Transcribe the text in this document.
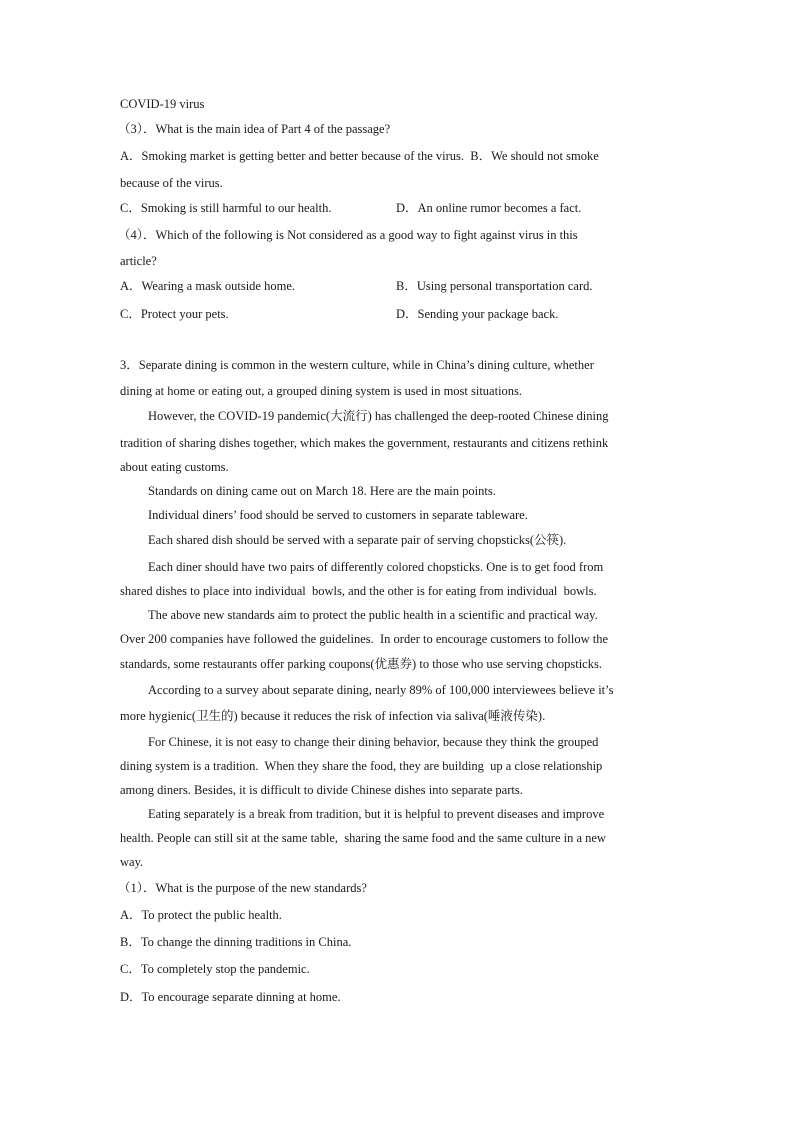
COVID-19 virus
（3）．What is the main idea of Part 4 of the passage?
A．Smoking market is getting better and better because of the virus.  B．We should not smoke
because of the virus.
C．Smoking is still harmful to our health.	D．An online rumor becomes a fact.
（4）．Which of the following is Not considered as a good way to fight against virus in this
article?
A．Wearing a mask outside home.	B．Using personal transportation card.
C．Protect your pets.	D．Sending your package back.
3．Separate dining is common in the western culture, while in China’s dining culture, whether
dining at home or eating out, a grouped dining system is used in most situations.
However, the COVID-19 pandemic(大流行) has challenged the deep-rooted Chinese dining
tradition of sharing dishes together, which makes the government, restaurants and citizens rethink
about eating customs.
Standards on dining came out on March 18. Here are the main points.
Individual diners’ food should be served to customers in separate tableware.
Each shared dish should be served with a separate pair of serving chopsticks(公筷).
Each diner should have two pairs of differently colored chopsticks. One is to get food from
shared dishes to place into individual  bowls, and the other is for eating from individual  bowls.
The above new standards aim to protect the public health in a scientific and practical way.
Over 200 companies have followed the guidelines.  In order to encourage customers to follow the
standards, some restaurants offer parking coupons(优惠券) to those who use serving chopsticks.
According to a survey about separate dining, nearly 89% of 100,000 interviewees believe it’s
more hygienic(卫生的) because it reduces the risk of infection via saliva(唾液传染).
For Chinese, it is not easy to change their dining behavior, because they think the grouped
dining system is a tradition.  When they share the food, they are building  up a close relationship
among diners. Besides, it is difficult to divide Chinese dishes into separate parts.
Eating separately is a break from tradition, but it is helpful to prevent diseases and improve
health. People can still sit at the same table,  sharing the same food and the same culture in a new
way.
（1）．What is the purpose of the new standards?
A．To protect the public health.
B．To change the dinning traditions in China.
C．To completely stop the pandemic.
D．To encourage separate dinning at home.
